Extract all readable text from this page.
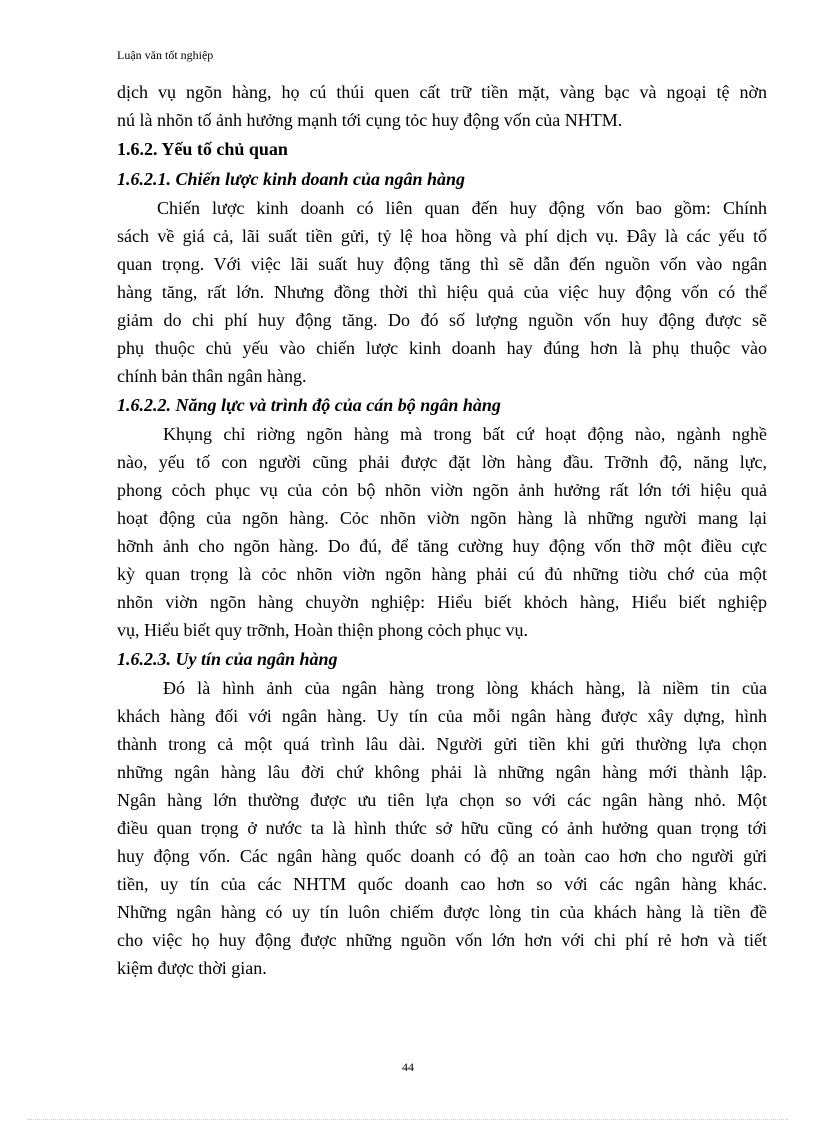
Luận văn tốt nghiệp
dịch vụ ngõn hàng, họ cú thúi quen cất trữ tiền mặt, vàng bạc và ngoại tệ nờn
nú là nhõn tố ảnh hưởng mạnh tới cụng tỏc huy động vốn của NHTM.
1.6.2. Yếu tố chủ quan
1.6.2.1. Chiến lược kinh doanh của ngân hàng
Chiến lược kinh doanh có liên quan đến huy động vốn bao gồm: Chính
sách về giá cả, lãi suất tiền gửi, tỷ lệ hoa hồng và phí dịch vụ. Đây là các yếu tố
quan trọng. Với việc lãi suất huy động tăng thì sẽ dẫn đến nguồn vốn vào ngân
hàng tăng, rất lớn. Nhưng đồng thời thì hiệu quả của việc huy động vốn có thể
giảm do chi phí huy động tăng. Do đó số lượng nguồn vốn huy động được sẽ
phụ thuộc chủ yếu vào chiến lược kinh doanh hay đúng hơn là phụ thuộc vào
chính bản thân ngân hàng.
1.6.2.2. Năng lực và trình độ của cán bộ ngân hàng
Khụng chỉ riờng ngõn hàng mà trong bất cứ hoạt động nào, ngành nghề
nào, yếu tố con người cũng phải được đặt lờn hàng đầu. Trỡnh độ, năng lực,
phong cỏch phục vụ của cỏn bộ nhõn viờn ngõn ảnh hưởng rất lớn tới hiệu quả
hoạt động của ngõn hàng. Cỏc nhõn viờn ngõn hàng là những người mang lại
hỡnh ảnh cho ngõn hàng. Do đú, để tăng cường huy động vốn thỡ một điều cực
kỳ quan trọng là cỏc nhõn viờn ngõn hàng phải cú đủ những tiờu chớ của một
nhõn viờn ngõn hàng chuyờn nghiệp: Hiểu biết khỏch hàng, Hiểu biết nghiệp
vụ, Hiểu biết quy trỡnh, Hoàn thiện phong cỏch phục vụ.
1.6.2.3. Uy tín của ngân hàng
Đó là hình ảnh của ngân hàng trong lòng khách hàng, là niềm tin của
khách hàng đối với ngân hàng. Uy tín của mỗi ngân hàng được xây dựng, hình
thành trong cả một quá trình lâu dài. Người gửi tiền khi gửi thường lựa chọn
những ngân hàng lâu đời chứ không phải là những ngân hàng mới thành lập.
Ngân hàng lớn thường được ưu tiên lựa chọn so với các ngân hàng nhỏ. Một
điều quan trọng ở nước ta là hình thức sở hữu cũng có ảnh hưởng quan trọng tới
huy động vốn. Các ngân hàng quốc doanh có độ an toàn cao hơn cho người gửi
tiền, uy tín của các NHTM quốc doanh cao hơn so với các ngân hàng khác.
Những ngân hàng có uy tín luôn chiếm được lòng tin của khách hàng là tiền đề
cho việc họ huy động được những nguồn vốn lớn hơn với chi phí rẻ hơn và tiết
kiệm được thời gian.
44
